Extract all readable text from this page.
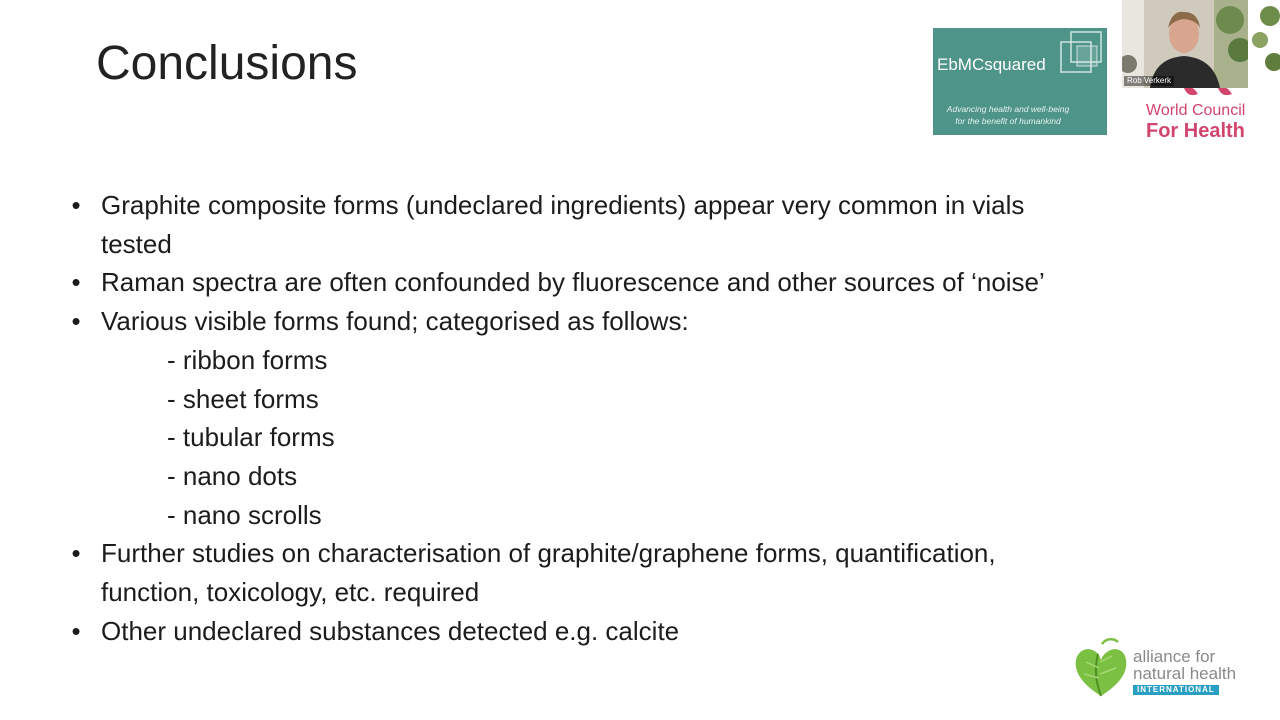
Conclusions	EbMCsquared
Advancing health and well-being
for the benefit of humankind
Rob Verkerk
World Council
For Health
• Graphite composite forms (undeclared ingredients) appear very common in vials
tested
• Raman spectra are often confounded by fluorescence and other sources of ‘noise’
• Various visible forms found; categorised as follows:
- ribbon forms
- sheet forms
- tubular forms
- nano dots
- nano scrolls
• Further studies on characterisation of graphite/graphene forms, quantification,
function, toxicology, etc. required
• Other undeclared substances detected e.g. calcite
alliance for
natural health
INTERNATIONAL
